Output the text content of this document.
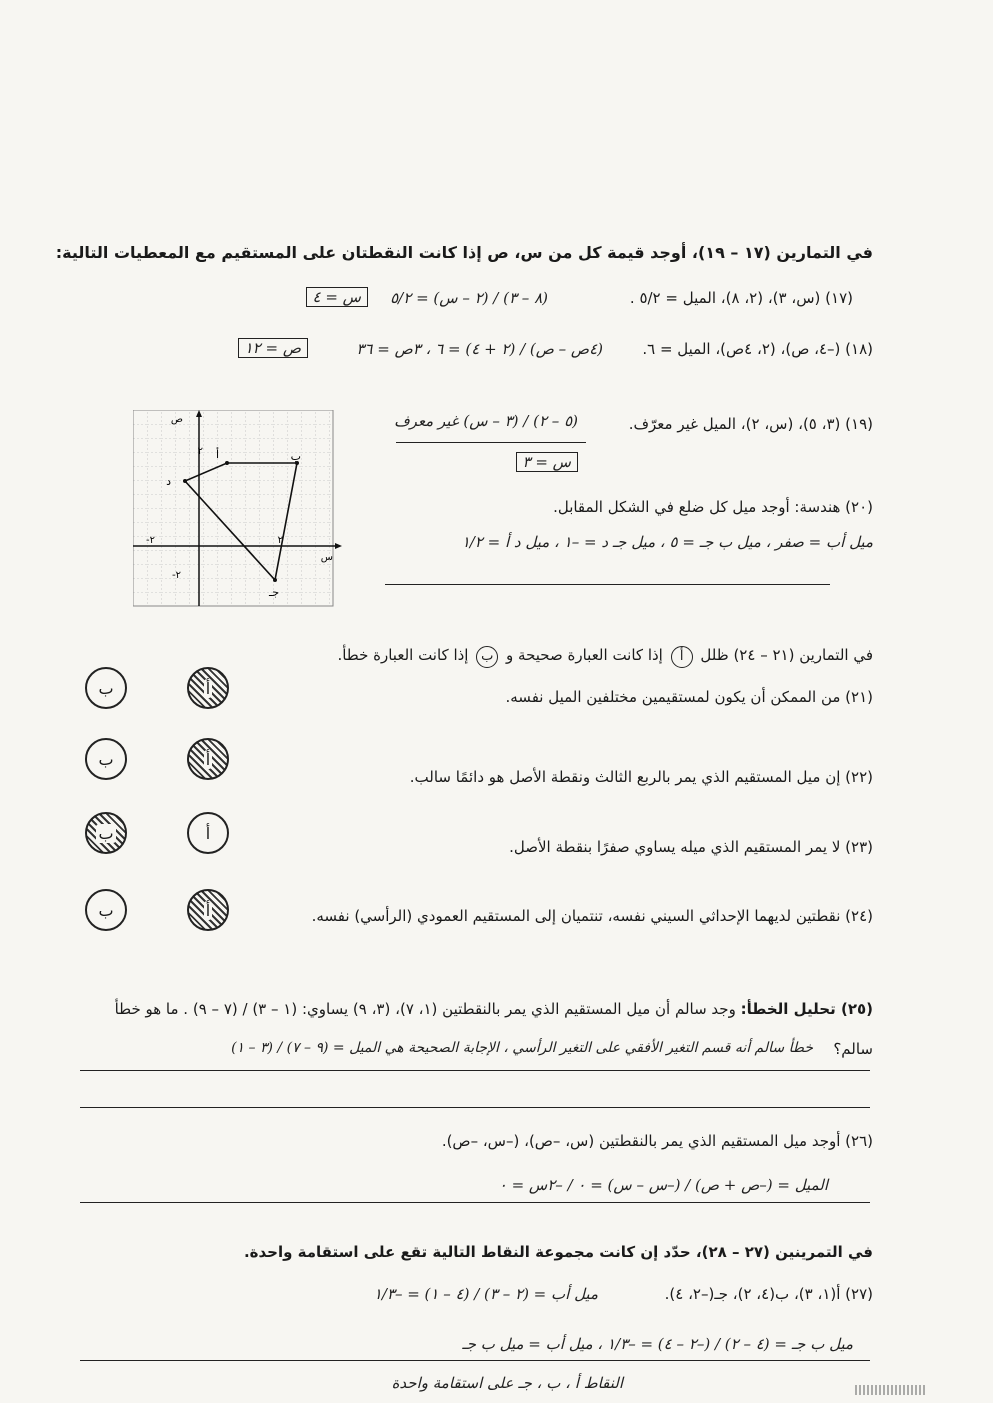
في التمارين (١٧ – ١٩)، أوجد قيمة كل من س، ص إذا كانت النقطتان على المستقيم مع المعطيات التالية:
(١٧) (س، ٣)، (٢، ٨)، الميل = ٥/٢ .
(٨ – ٣) / (٢ – س) = ٥/٢
س = ٤
(١٨) (–٤، ص)، (٢، ٤ص)، الميل = ٦.
(٤ص – ص) / (٢ + ٤) = ٦ ، ٣ص = ٣٦
ص = ١٢
(١٩) (٣، ٥)، (س، ٢)، الميل غير معرّف.
(٥ – ٢) / (٣ – س) غير معرف
س = ٣
(٢٠) هندسة: أوجد ميل كل ضلع في الشكل المقابل.
ميل أب = صفر ، ميل ب جـ = ٥ ، ميل جـ د = –١ ، ميل د أ = ١/٢
أ	ب
جـ
د
٢-	٢
٢
٢-
س
ص
في التمارين (٢١ – ٢٤) ظلل أ إذا كانت العبارة صحيحة و ب إذا كانت العبارة خطأ.
(٢١) من الممكن أن يكون لمستقيمين مختلفين الميل نفسه.
أ
ب
(٢٢) إن ميل المستقيم الذي يمر بالربع الثالث ونقطة الأصل هو دائمًا سالب.
أ
ب
(٢٣) لا يمر المستقيم الذي ميله يساوي صفرًا بنقطة الأصل.
أ
ب
(٢٤) نقطتين لديهما الإحداثي السيني نفسه، تنتميان إلى المستقيم العمودي (الرأسي) نفسه.
أ
ب
(٢٥) تحليل الخطأ: وجد سالم أن ميل المستقيم الذي يمر بالنقطتين (١، ٧)، (٣، ٩) يساوي: (١ – ٣) / (٧ – ٩) . ما هو خطأ
سالم؟
خطأ سالم أنه قسم التغير الأفقي على التغير الرأسي ، الإجابة الصحيحة هي الميل = (٩ – ٧) / (٣ – ١)
(٢٦) أوجد ميل المستقيم الذي يمر بالنقطتين (س، –ص)، (–س، –ص).
الميل = (–ص + ص) / (–س – س) = ٠ / –٢س = ٠
في التمرينين (٢٧ – ٢٨)، حدّد إن كانت مجموعة النقاط التالية تقع على استقامة واحدة.
(٢٧) أ(١، ٣)، ب(٤، ٢)، جـ(–٢، ٤).
ميل أب = (٢ – ٣) / (٤ – ١) = –١/٣
ميل ب جـ = (٤ – ٢) / (–٢ – ٤) = –١/٣ ، ميل أب = ميل ب جـ
النقاط أ ، ب ، جـ على استقامة واحدة
